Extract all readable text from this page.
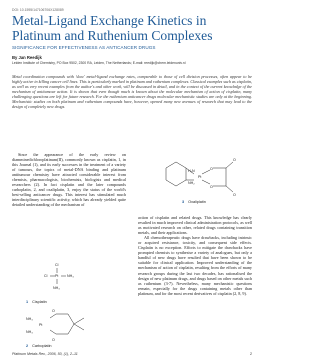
DOI: 10.1595/147106706X128089
Metal-Ligand Exchange Kinetics in Platinum and Ruthenium Complexes
SIGNIFICANCE FOR EFFECTIVENESS AS ANTICANCER DRUGS
By Jan Reedijk
Leiden Institute of Chemistry, PO Box 9502, 2300 RA, Leiden, The Netherlands; E-mail: reedijk@chem.leidenuniv.nl
Metal coordination compounds with 'slow' metal-ligand exchange rates, comparable to those of cell division processes, often appear to be highly active in killing cancer cell lines. This is particularly marked in platinum and ruthenium complexes. Classical examples such as cisplatin, as well as very recent examples from the author's and other work, will be discussed in detail, and in the context of the current knowledge of the mechanism of antitumour action. It is shown that even though much is known about the molecular mechanism of action of cisplatin, many challenging questions are left for future research. For the ruthenium anticancer drugs molecular mechanistic studies are only at the beginning. Mechanistic studies on both platinum and ruthenium compounds have, however, opened many new avenues of research that may lead to the design of completely new drugs.

Since the appearance of the early review on diamminedichloroplatinum(II), commonly known as cisplatin, 1, in this Journal (1), and its early successes in the treatment of a variety of tumours, the topics of metal-DNA binding and platinum antitumour chemistry have attracted considerable interest from chemists, pharmacologists, biochemists, biologists and medical researchers (2). In fact cisplatin and the later compounds carboplatin, 2, and oxaliplatin, 3, enjoy the status of the world's best-selling anticancer drugs. This interest has stimulated much interdisciplinary scientific activity, which has already yielded quite detailed understanding of the mechanism of

H₂N
NH₂
Pt
O
O
O
O
3 Oxaliplatin

action of cisplatin and related drugs. This knowledge has clearly resulted in much improved clinical administration protocols, as well as motivated research on other, related drugs containing transition metals, and their applications.

All chemotherapeutic drugs have drawbacks, including intrinsic or acquired resistance, toxicity, and consequent side effects. Cisplatin is no exception. Efforts to mitigate the drawbacks have prompted chemists to synthesise a variety of analogues, but only a handful of new drugs have resulted that have been shown to be suitable for clinical application. Improved understanding of the mechanism of action of cisplatin, resulting from the efforts of many research groups during the last two decades, has rationalised the design of new platinum drugs, and drugs based on other metals such as ruthenium (3-7). Nevertheless, many mechanistic questions remain, especially for the drugs containing metals other than platinum, and for the most recent derivatives of cisplatin (2, 8, 9).

Cl
Cl Pt NH₃
NH₃
1 Cisplatin
Pt
NH₃
NH₃
O
O
2 Carboplatin
Platinum Metals Rev., 2006, 50, (1), 2–11	2
